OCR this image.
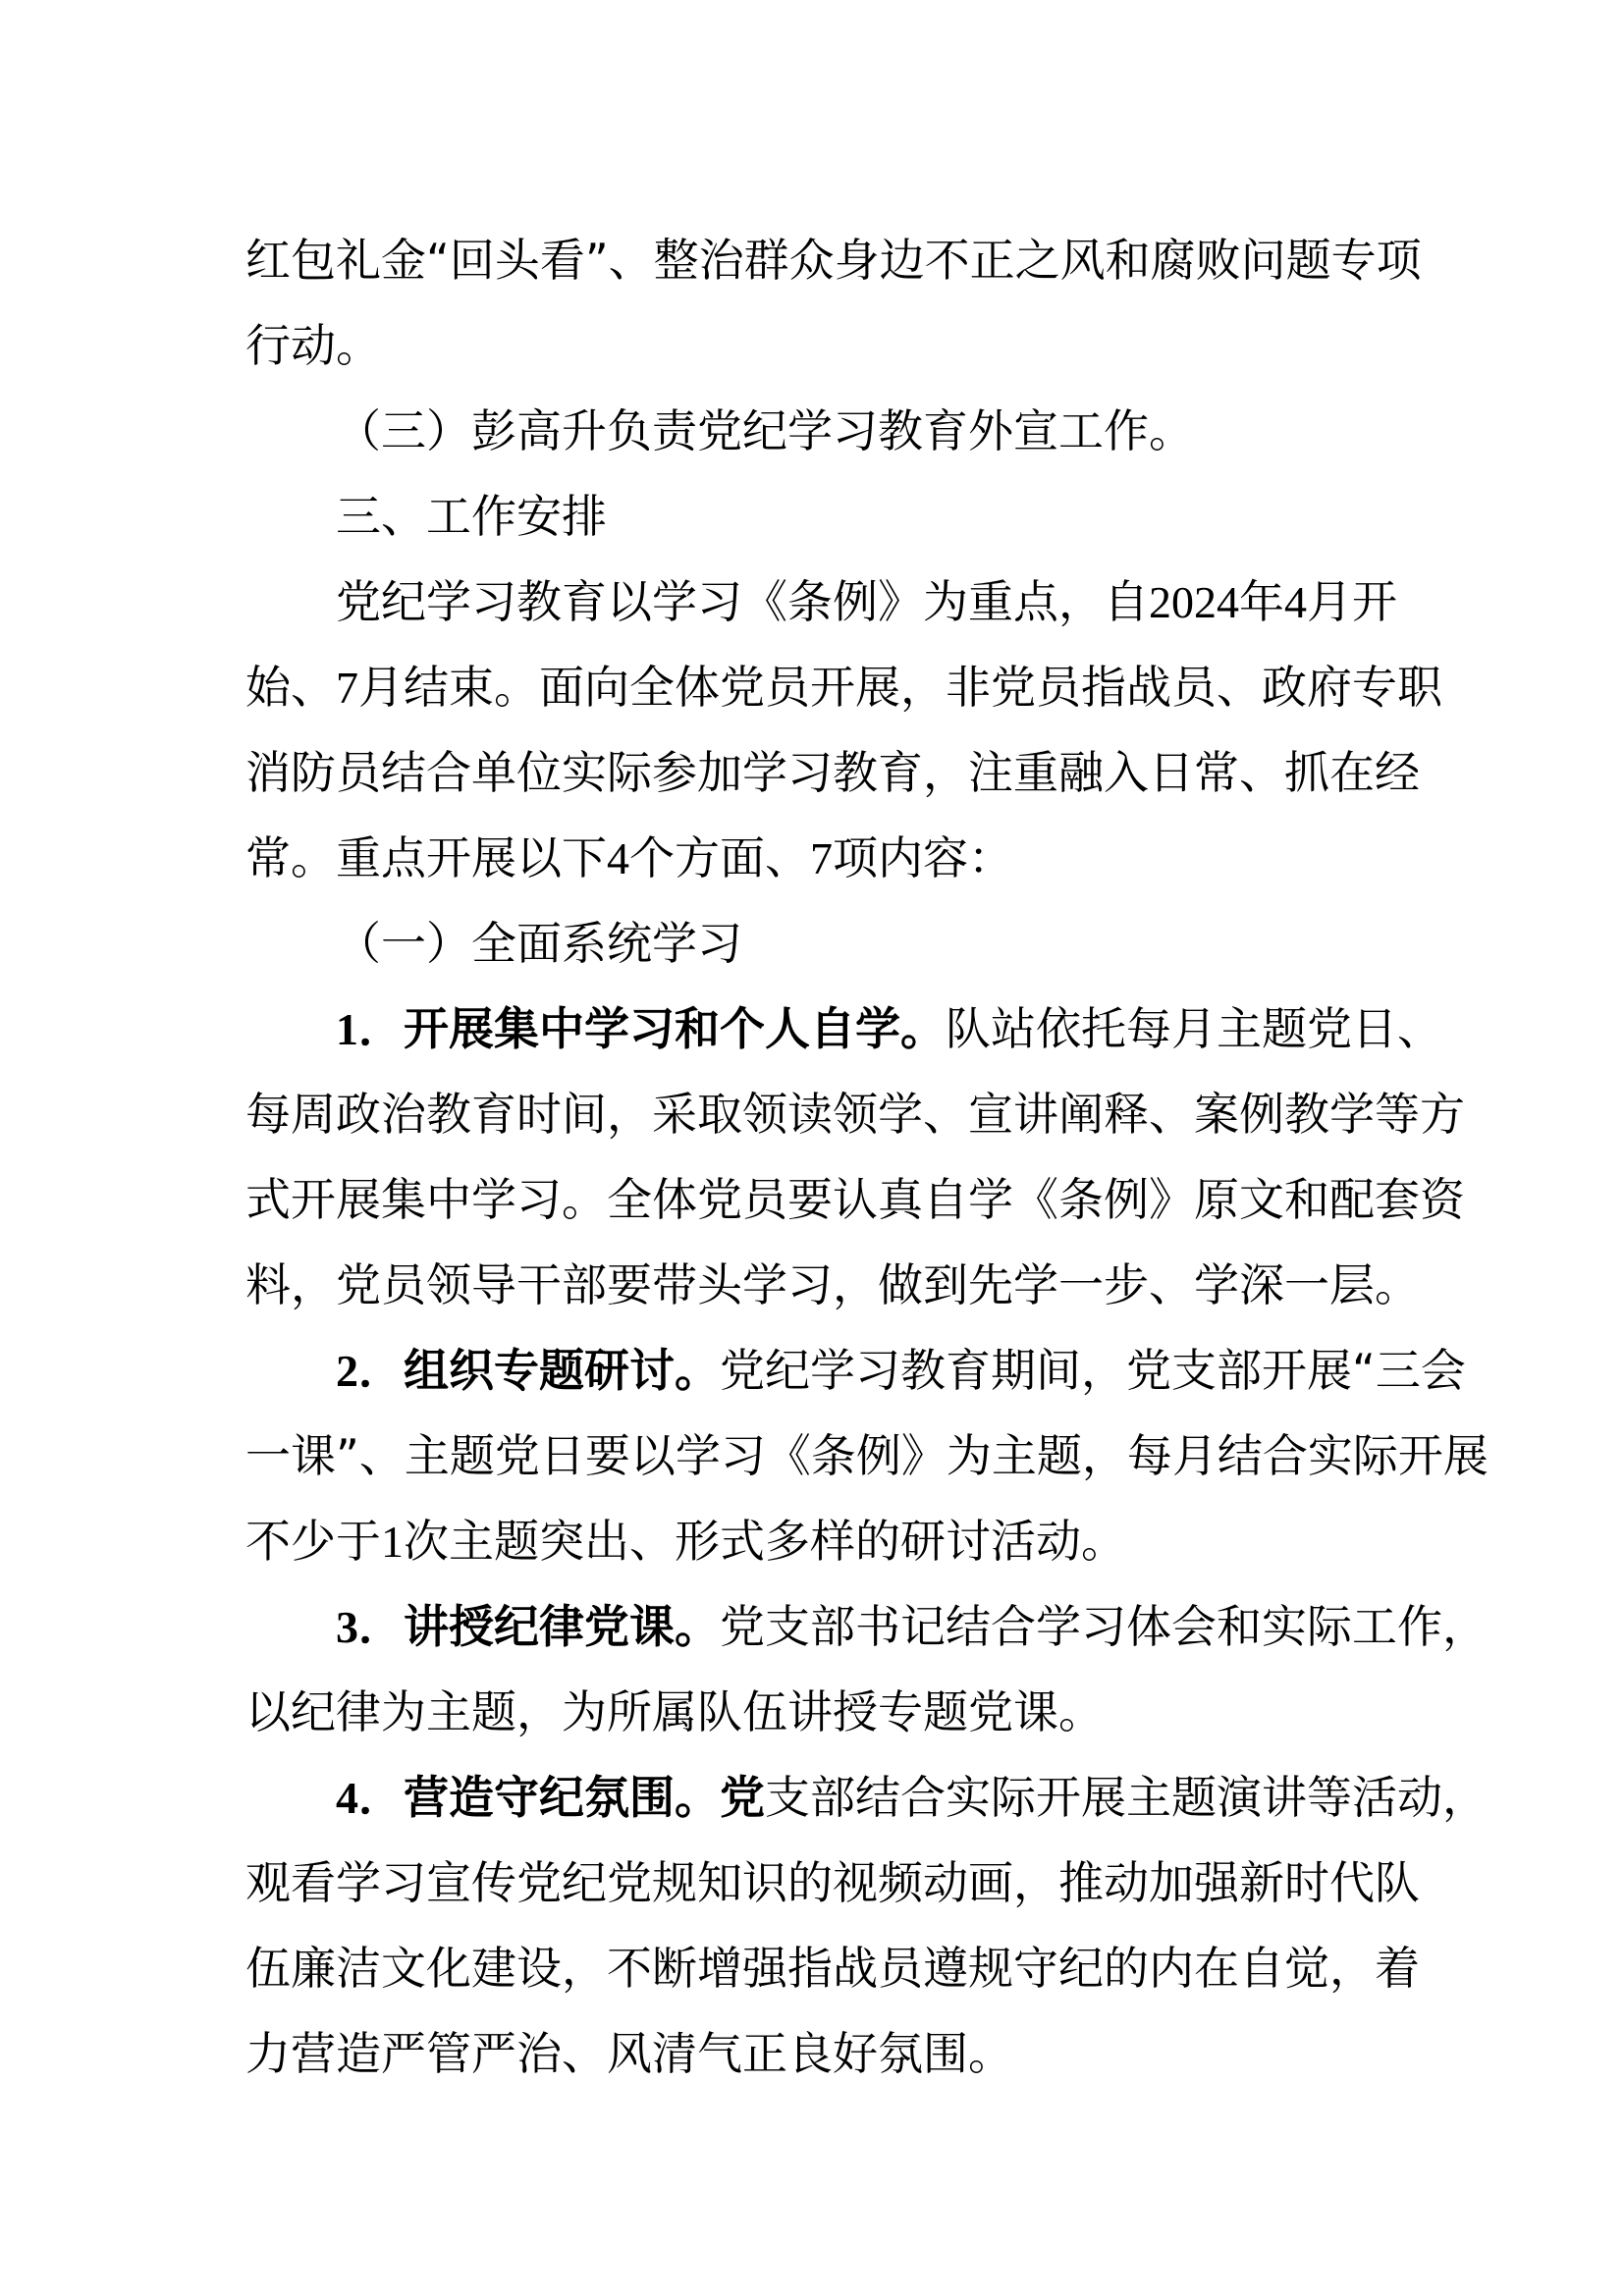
红包礼金“回头看”、整治群众身边不正之风和腐败问题专项
行动。
（三）彭高升负责党纪学习教育外宣工作。
三、工作安排
党纪学习教育以学习《条例》为重点，自2024年4月开
始、7月结束。面向全体党员开展，非党员指战员、政府专职
消防员结合单位实际参加学习教育，注重融入日常、抓在经
常。重点开展以下4个方面、7项内容：
（一）全面系统学习
1．开展集中学习和个人自学。队站依托每月主题党日、
每周政治教育时间，采取领读领学、宣讲阐释、案例教学等方
式开展集中学习。全体党员要认真自学《条例》原文和配套资
料，党员领导干部要带头学习，做到先学一步、学深一层。
2．组织专题研讨。党纪学习教育期间，党支部开展“三会
一课”、主题党日要以学习《条例》为主题，每月结合实际开展
不少于1次主题突出、形式多样的研讨活动。
3．讲授纪律党课。党支部书记结合学习体会和实际工作，
以纪律为主题，为所属队伍讲授专题党课。
4．营造守纪氛围。党支部结合实际开展主题演讲等活动，
观看学习宣传党纪党规知识的视频动画，推动加强新时代队
伍廉洁文化建设，不断增强指战员遵规守纪的内在自觉，着
力营造严管严治、风清气正良好氛围。
